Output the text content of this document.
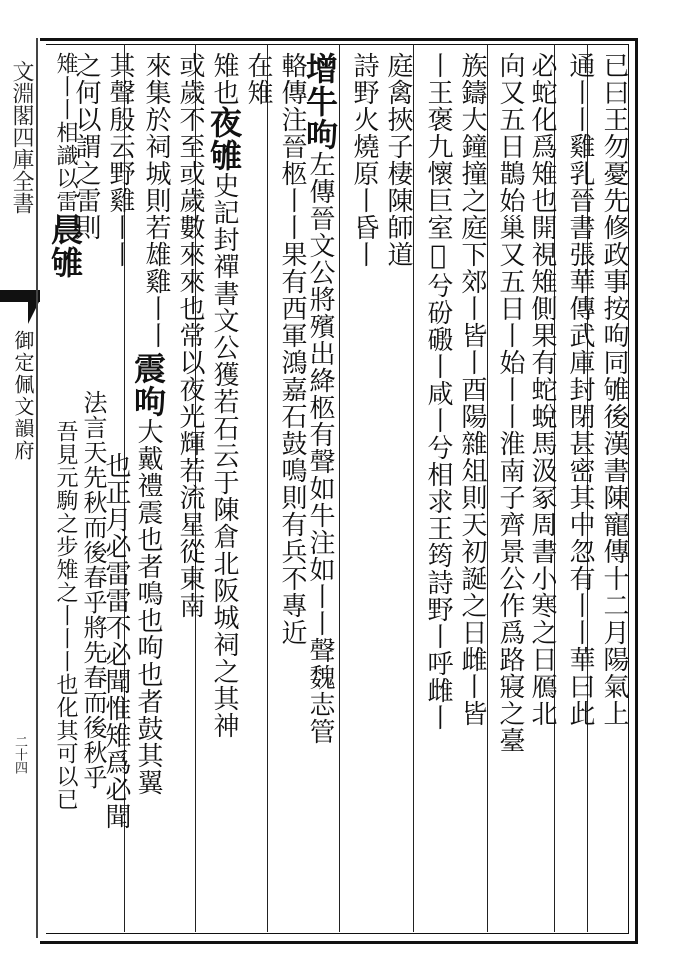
文淵閣四庫全書
御定佩文韻府
二十四
已曰王勿憂先修政事按呴同雊後漢書陳寵傳十二月陽氣上
通丨丨雞乳晉書張華傳武庫封閉甚密其中忽有丨丨華曰此
必蛇化爲雉也開視雉側果有蛇蛻馬汲冢周書小寒之日鴈北
向又五日鵲始巢又五日丨始丨丨淮南子齊景公作爲路寢之臺
族鑄大鐘撞之庭下郊丨皆丨酉陽雜俎則天初誕之日雌丨皆
丨王褒九懷巨室𨕖兮砏磤丨咸丨兮相求王筠詩野丨呼雌丨
庭禽挾子棲陳師道
詩野火燒原丨昏丨
增牛呴左傳晉文公將殯出絳柩有聲如牛注如丨丨聲魏志管
輅傳注晉柩丨丨果有西軍鴻嘉石鼓鳴則有兵不專近
在雉
雉也夜雊史記封禪書文公獲若石云于陳倉北阪城祠之其神
或歲不至或歲數來來也常以夜光輝若流星從東南
來集於祠城則若雄雞丨丨
震呴大戴禮震也者鳴也呴也者鼓其翼
其聲殷云野雞丨丨
也正月必雷雷不必聞惟雉爲必聞
之何以謂之雷則
雉丨丨相識以雷晨雊
法言天先秋而後春乎將先春而後秋乎
吾見元駒之步雉之丨丨丨也化其可以已
